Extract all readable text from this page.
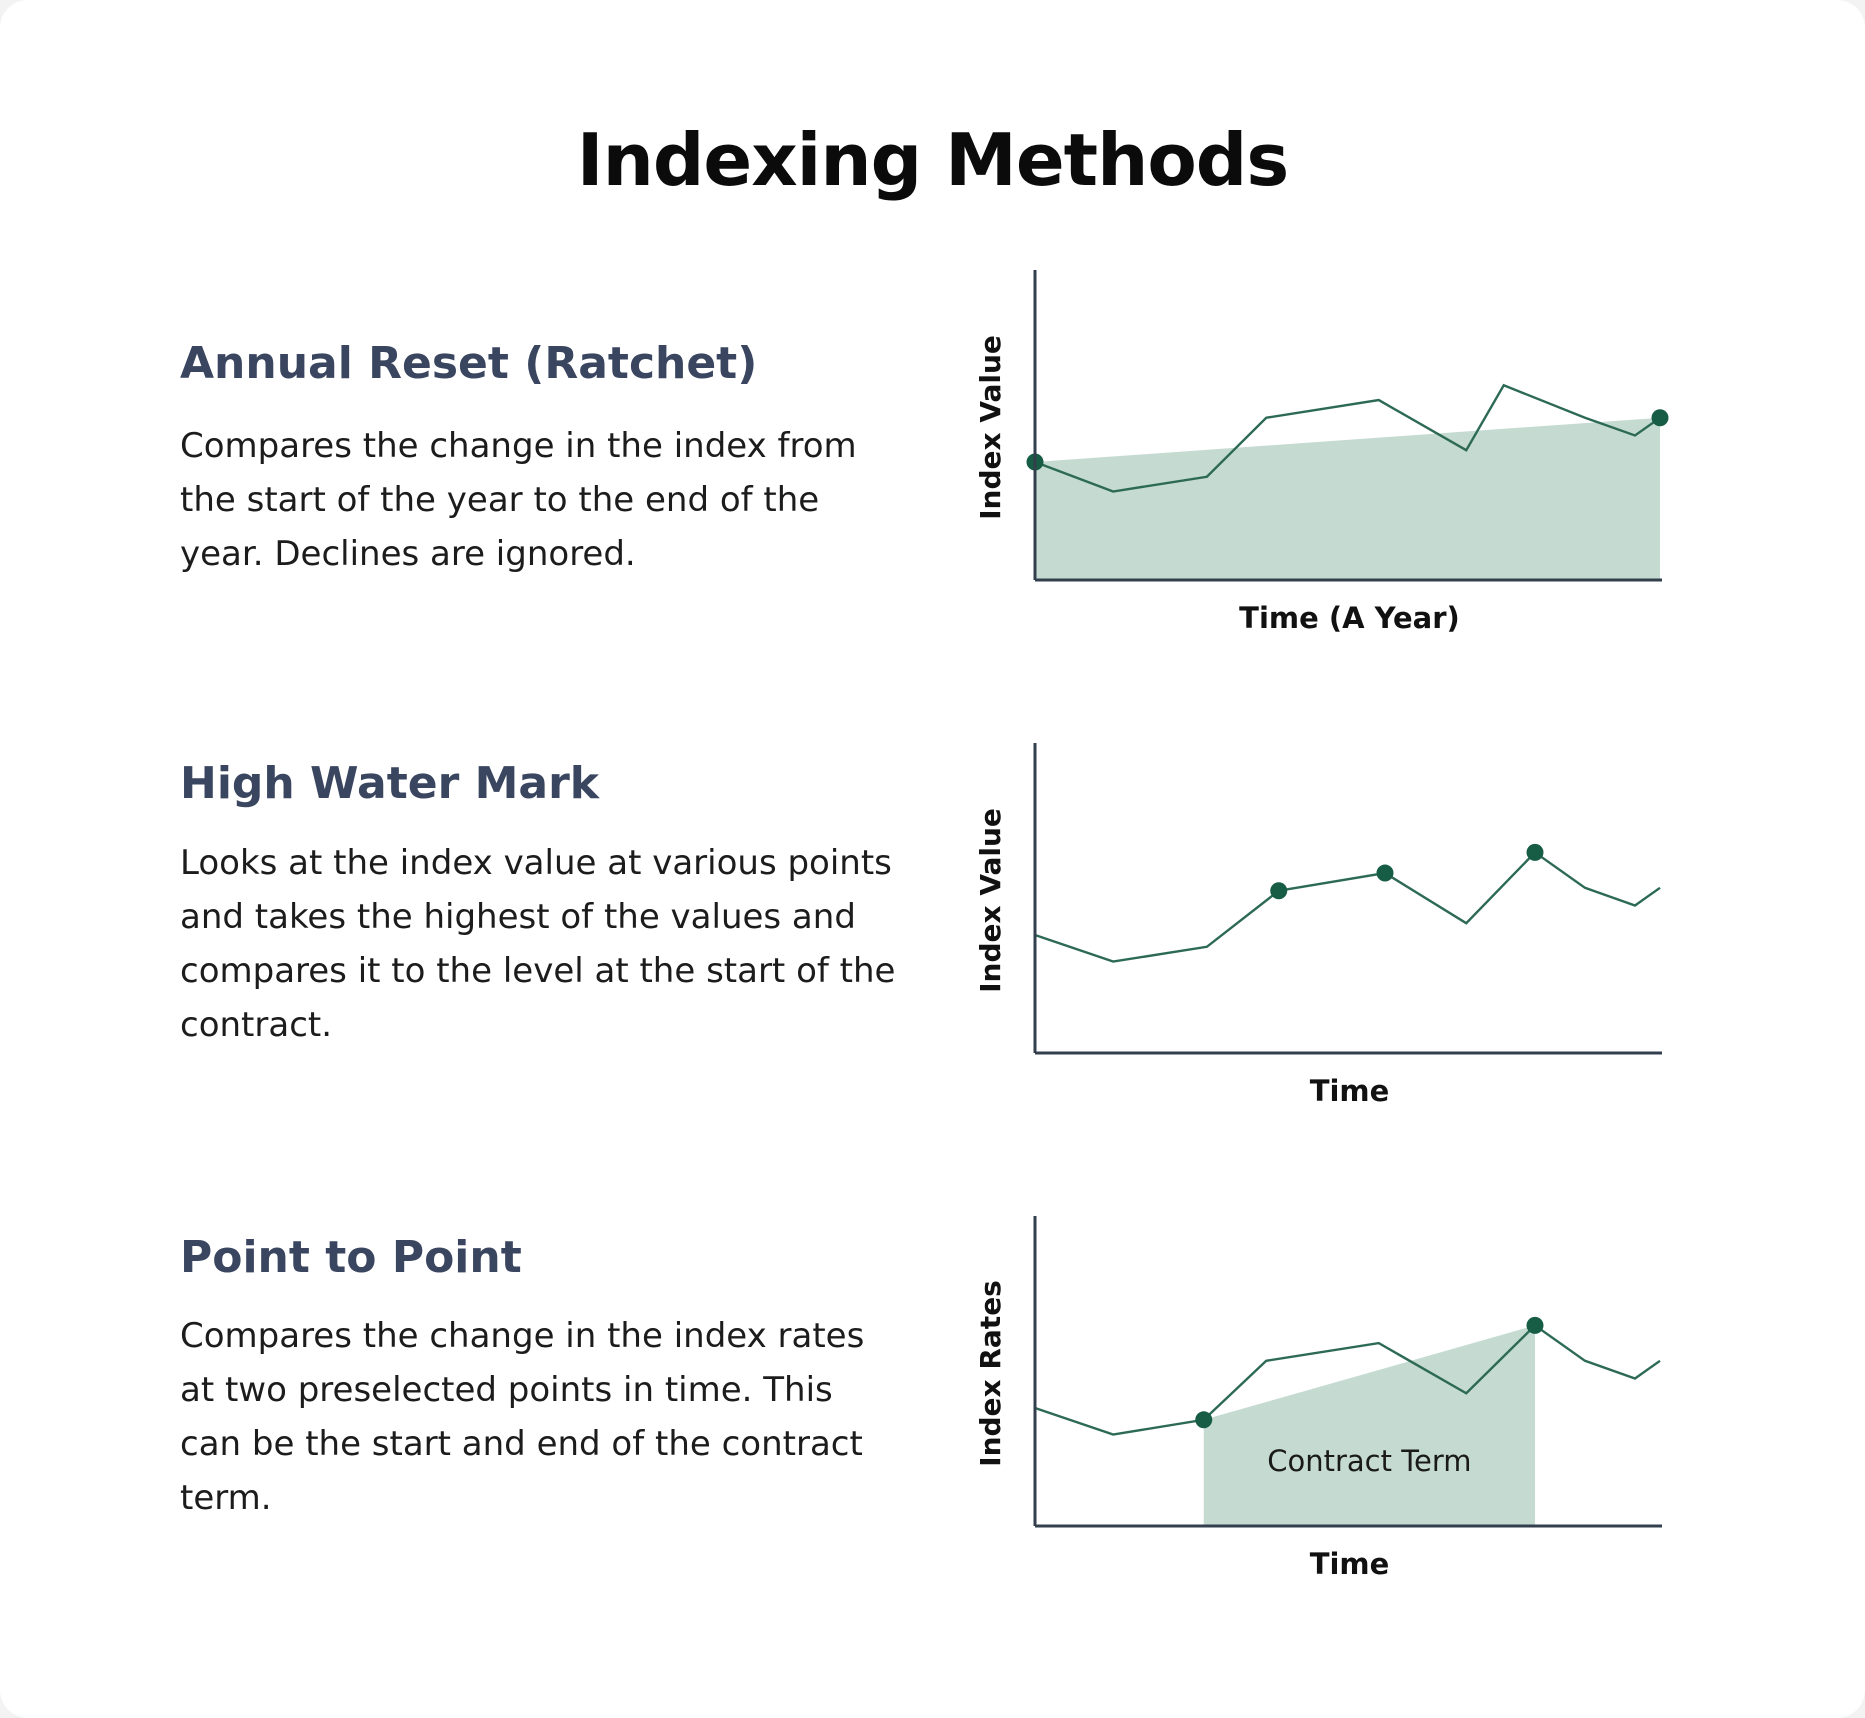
Indexing Methods
Annual Reset (Ratchet)

Compares the change in the index from the start of the year to the end of the year. Declines are ignored.

High Water Mark

Looks at the index value at various points and takes the highest of the values and compares it to the level at the start of the contract.

Point to Point

Compares the change in the index rates at two preselected points in time. This can be the start and end of the contract term.

Index Value
Time (A Year)
Index Value
Time
Index Rates
Time
Contract Term
